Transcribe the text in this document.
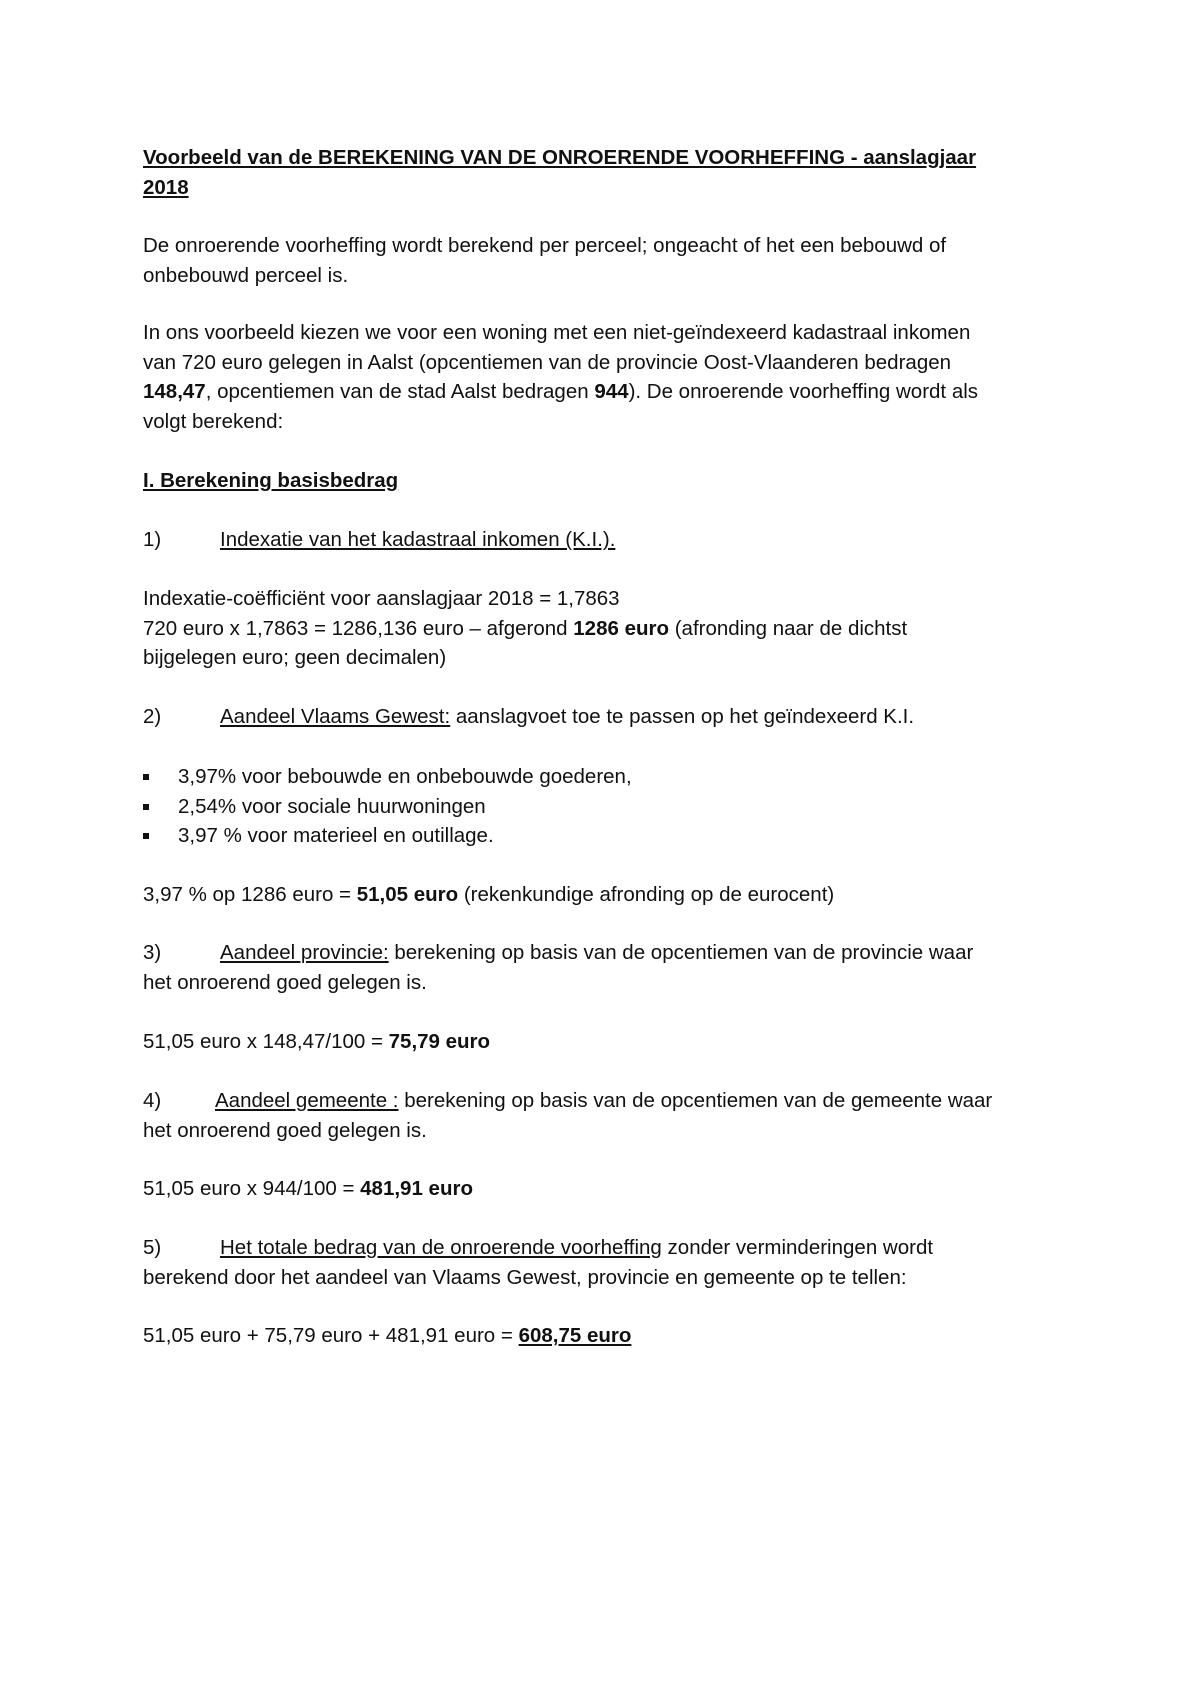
Voorbeeld van de BEREKENING VAN DE ONROERENDE VOORHEFFING - aanslagjaar
2018

De onroerende voorheffing wordt berekend per perceel; ongeacht of het een bebouwd of
onbebouwd perceel is.

In ons voorbeeld kiezen we voor een woning met een niet-geïndexeerd kadastraal inkomen
van 720 euro gelegen in Aalst (opcentiemen van de provincie Oost-Vlaanderen bedragen
148,47, opcentiemen van de stad Aalst bedragen 944). De onroerende voorheffing wordt als
volgt berekend:

I. Berekening basisbedrag

1)	Indexatie van het kadastraal inkomen (K.I.).

Indexatie-coëfficiënt voor aanslagjaar 2018 = 1,7863
720 euro x 1,7863 = 1286,136 euro – afgerond 1286 euro (afronding naar de dichtst
bijgelegen euro; geen decimalen)

2)	Aandeel Vlaams Gewest: aanslagvoet toe te passen op het geïndexeerd K.I.

3,97% voor bebouwde en onbebouwde goederen,
2,54% voor sociale huurwoningen
3,97 % voor materieel en outillage.

3,97 % op 1286 euro = 51,05 euro (rekenkundige afronding op de eurocent)

3)	Aandeel provincie: berekening op basis van de opcentiemen van de provincie waar
het onroerend goed gelegen is.

51,05 euro x 148,47/100 = 75,79 euro

4)	Aandeel gemeente : berekening op basis van de opcentiemen van de gemeente waar
het onroerend goed gelegen is.

51,05 euro x 944/100 = 481,91 euro

5)	Het totale bedrag van de onroerende voorheffing zonder verminderingen wordt
berekend door het aandeel van Vlaams Gewest, provincie en gemeente op te tellen:

51,05 euro + 75,79 euro + 481,91 euro = 608,75 euro
